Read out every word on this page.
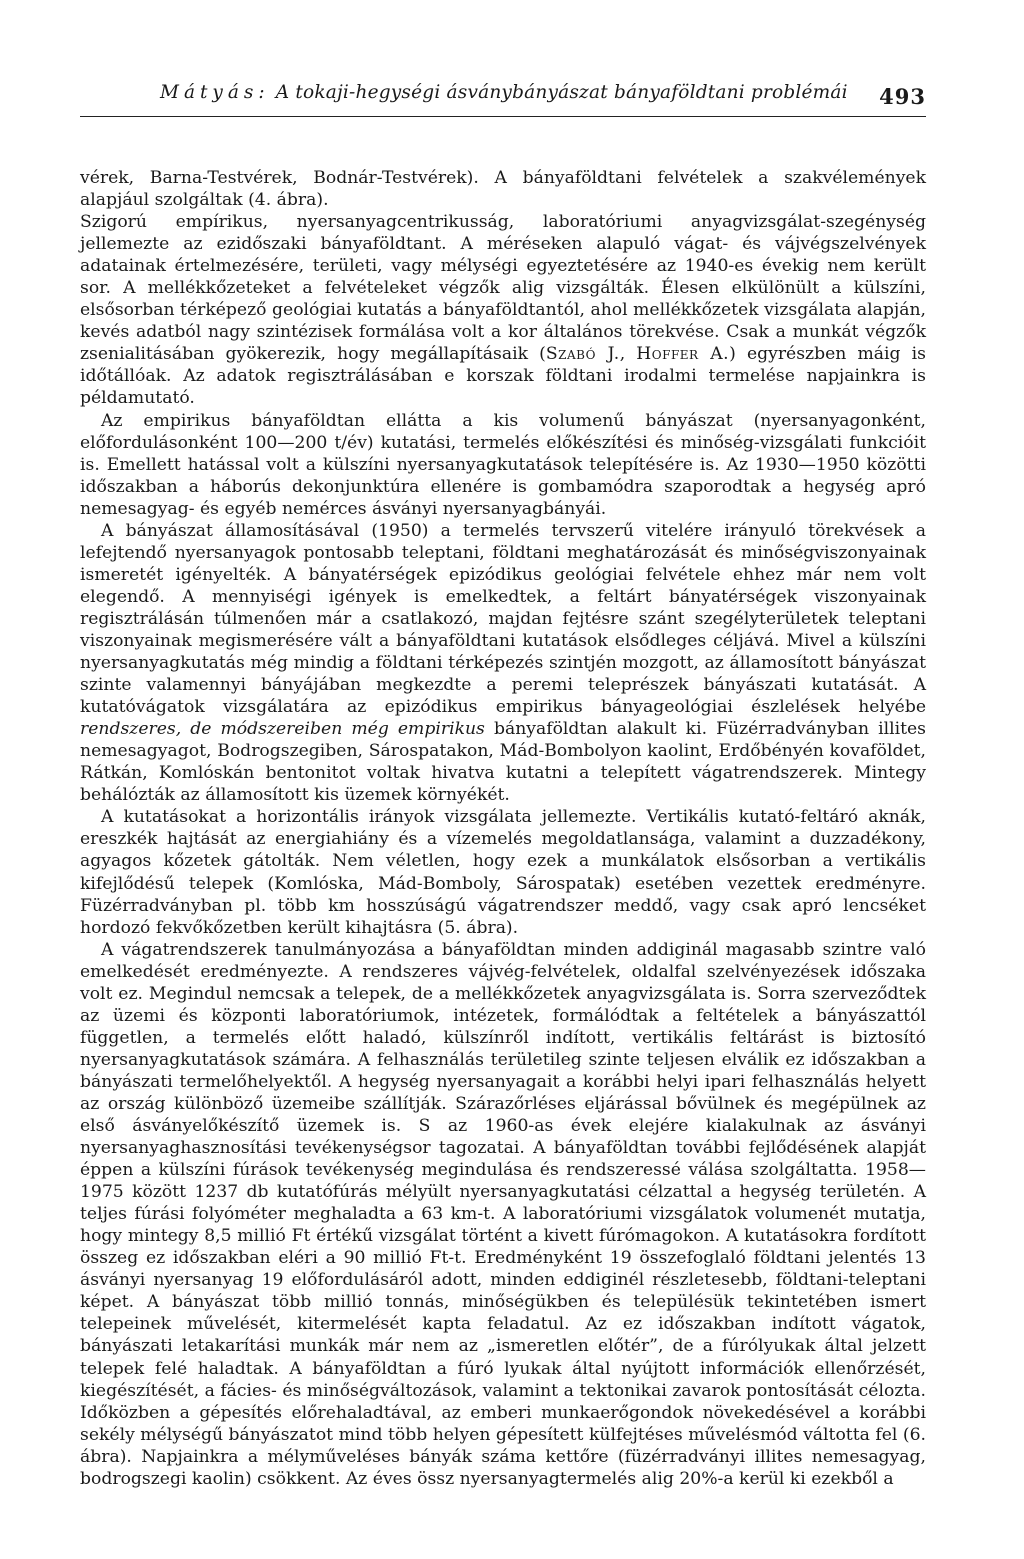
Mátyás: A tokaji-hegységi ásványbányászat bányaföldtani problémái 493

vérek, Barna-Testvérek, Bodnár-Testvérek). A bányaföldtani felvételek a szakvélemények alapjául szolgáltak (4. ábra).

Szigorú empírikus, nyersanyagcentrikusság, laboratóriumi anyagvizsgálat-szegénység jellemezte az ezidőszaki bányaföldtant. A méréseken alapuló vágat- és vájvégszelvények adatainak értelmezésére, területi, vagy mélységi egyeztetésére az 1940-es évekig nem került sor. A mellékkőzeteket a felvételeket végzők alig vizsgálták. Élesen elkülönült a külszíni, elsősorban térképező geológiai kutatás a bányaföldtantól, ahol mellékkőzetek vizsgálata alapján, kevés adatból nagy szintézisek formálása volt a kor általános törekvése. Csak a munkát végzők zsenialitásában gyökerezik, hogy megállapításaik (Szabó J., Hoffer A.) egyrészben máig is időtállóak. Az adatok regisztrálásában e korszak földtani irodalmi termelése napjainkra is példamutató.

Az empirikus bányaföldtan ellátta a kis volumenű bányászat (nyersanyagonként, előfordulásonként 100—200 t/év) kutatási, termelés előkészítési és minőség-vizsgálati funkcióit is. Emellett hatással volt a külszíni nyersanyagkutatások telepítésére is. Az 1930—1950 közötti időszakban a háborús dekonjunktúra ellenére is gombamódra szaporodtak a hegység apró nemesagyag- és egyéb nemérces ásványi nyersanyagbányái.

A bányászat államosításával (1950) a termelés tervszerű vitelére irányuló törekvések a lefejtendő nyersanyagok pontosabb teleptani, földtani meghatározását és minőségviszonyainak ismeretét igényelték. A bányatérségek epizódikus geológiai felvétele ehhez már nem volt elegendő. A mennyiségi igények is emelkedtek, a feltárt bányatérségek viszonyainak regisztrálásán túlmenően már a csatlakozó, majdan fejtésre szánt szegélyterületek teleptani viszonyainak megismerésére vált a bányaföldtani kutatások elsődleges céljává. Mivel a külszíni nyersanyagkutatás még mindig a földtani térképezés szintjén mozgott, az államosított bányászat szinte valamennyi bányájában megkezdte a peremi teleprészek bányászati kutatását. A kutatóvágatok vizsgálatára az epizódikus empirikus bányageológiai észlelések helyébe rendszeres, de módszereiben még empirikus bányaföldtan alakult ki. Füzérradványban illites nemesagyagot, Bodrogszegiben, Sárospatakon, Mád-Bombolyon kaolint, Erdőbényén kovaföldet, Rátkán, Komlóskán bentonitot voltak hivatva kutatni a telepített vágatrendszerek. Mintegy behálózták az államosított kis üzemek környékét.

A kutatásokat a horizontális irányok vizsgálata jellemezte. Vertikális kutató-feltáró aknák, ereszkék hajtását az energiahiány és a vízemelés megoldatlansága, valamint a duzzadékony, agyagos kőzetek gátolták. Nem véletlen, hogy ezek a munkálatok elsősorban a vertikális kifejlődésű telepek (Komlóska, Mád-Bomboly, Sárospatak) esetében vezettek eredményre. Füzérradványban pl. több km hosszúságú vágatrendszer meddő, vagy csak apró lencséket hordozó fekvőkőzetben került kihajtásra (5. ábra).

A vágatrendszerek tanulmányozása a bányaföldtan minden addiginál magasabb szintre való emelkedését eredményezte. A rendszeres vájvég-felvételek, oldalfal szelvényezések időszaka volt ez. Megindul nemcsak a telepek, de a mellékkőzetek anyagvizsgálata is. Sorra szerveződtek az üzemi és központi laboratóriumok, intézetek, formálódtak a feltételek a bányászattól független, a termelés előtt haladó, külszínről indított, vertikális feltárást is biztosító nyersanyagkutatások számára. A felhasználás területileg szinte teljesen elválik ez időszakban a bányászati termelőhelyektől. A hegység nyersanyagait a korábbi helyi ipari felhasználás helyett az ország különböző üzemeibe szállítják. Szárazőrléses eljárással bővülnek és megépülnek az első ásványelőkészítő üzemek is. S az 1960-as évek elejére kialakulnak az ásványi nyersanyaghasznosítási tevékenységsor tagozatai. A bányaföldtan további fejlődésének alapját éppen a külszíni fúrások tevékenység megindulása és rendszeressé válása szolgáltatta. 1958—1975 között 1237 db kutatófúrás mélyült nyersanyagkutatási célzattal a hegység területén. A teljes fúrási folyóméter meghaladta a 63 km-t. A laboratóriumi vizsgálatok volumenét mutatja, hogy mintegy 8,5 millió Ft értékű vizsgálat történt a kivett fúrómagokon. A kutatásokra fordított összeg ez időszakban eléri a 90 millió Ft-t. Eredményként 19 összefoglaló földtani jelentés 13 ásványi nyersanyag 19 előfordulásáról adott, minden eddiginél részletesebb, földtani-teleptani képet. A bányászat több millió tonnás, minőségükben és településük tekintetében ismert telepeinek művelését, kitermelését kapta feladatul. Az ez időszakban indított vágatok, bányászati letakarítási munkák már nem az „ismeretlen előtér”, de a fúrólyukak által jelzett telepek felé haladtak. A bányaföldtan a fúró lyukak által nyújtott információk ellenőrzését, kiegészítését, a fácies- és minőségváltozások, valamint a tektonikai zavarok pontosítását célozta. Időközben a gépesítés előrehaladtával, az emberi munkaerőgondok növekedésével a korábbi sekély mélységű bányászatot mind több helyen gépesített külfejtéses művelésmód váltotta fel (6. ábra). Napjainkra a mélyműveléses bányák száma kettőre (füzérradványi illites nemesagyag, bodrogszegi kaolin) csökkent. Az éves össz nyersanyagtermelés alig 20%-a kerül ki ezekből a
